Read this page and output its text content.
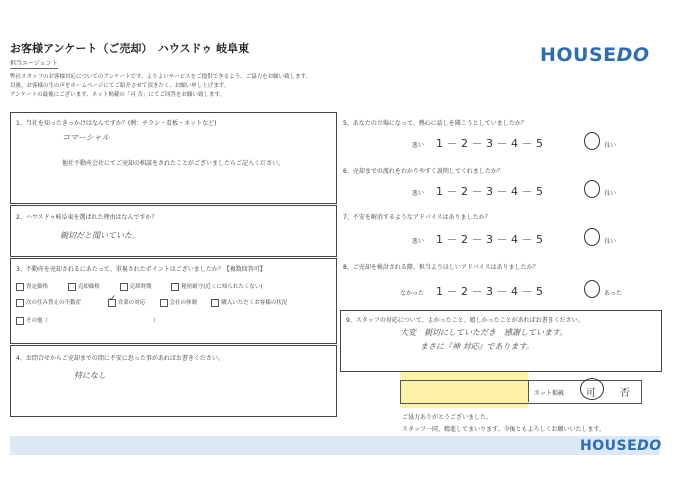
お客様アンケート（ご売却）　ハウスドゥ 岐阜東
担当エージェント	HOUSEDO
弊社スタッフのお客様対応についてのアンケートです。よりよいサービスをご提供できるよう、ご協力をお願い致します。
以後、お客様の生の声をホームページにてご紹介させて頂きたく、お願い申し上げます。
アンケートの最後にございます、ネット掲載の「可 否」にてご回答をお願い致します。
1、当社を知ったきっかけはなんですか？(例：チラシ・看板・ネットなど)
コマーシャル
他社不動産会社にてご売却の相談をされたことがございましたらご記入ください。
2、ハウスドゥ岐阜東を選ばれた理由はなんですか？
親切だと聞いていた。
3、不動産を売却されるにあたって、重視されたポイントはございましたか？【複数回答可】
査定価格	売却価格	売却時期	秘密厳守(近くに知られたくない)
次の住み替えの不動産	✓ 営業の対応	会社の体制	購入いただくお客様の状況
その他（	）
4、お問合せからご売却までの間に不安に思った事があればお書きください。
特になし
5、あなたの立場になって、熱心に話しを聞こうとしていましたか？
悪い 1 － 2 － 3 － 4 － 5	良い
6、売却までの流れをわかりやすく説明してくれましたか？
悪い 1 － 2 － 3 － 4 － 5	良い
7、不安を解消するようなアドバイスはありましたか？
悪い 1 － 2 － 3 － 4 － 5	良い
8、ご売却を検討される際、担当よりほしいアドバイスはありましたか？
なかった 1 － 2 － 3 － 4 － 5	あった
9、スタッフの対応について、よかったこと、嬉しかったことがあればお書きください。
大変　親切にしていただき　感謝しています。
まさに『神 対応』であります。
ネット掲載 可 否
ご協力ありがとうございました。
スタッフ一同、精進してまいります。今後ともよろしくお願いいたします。
HOUSEDO
